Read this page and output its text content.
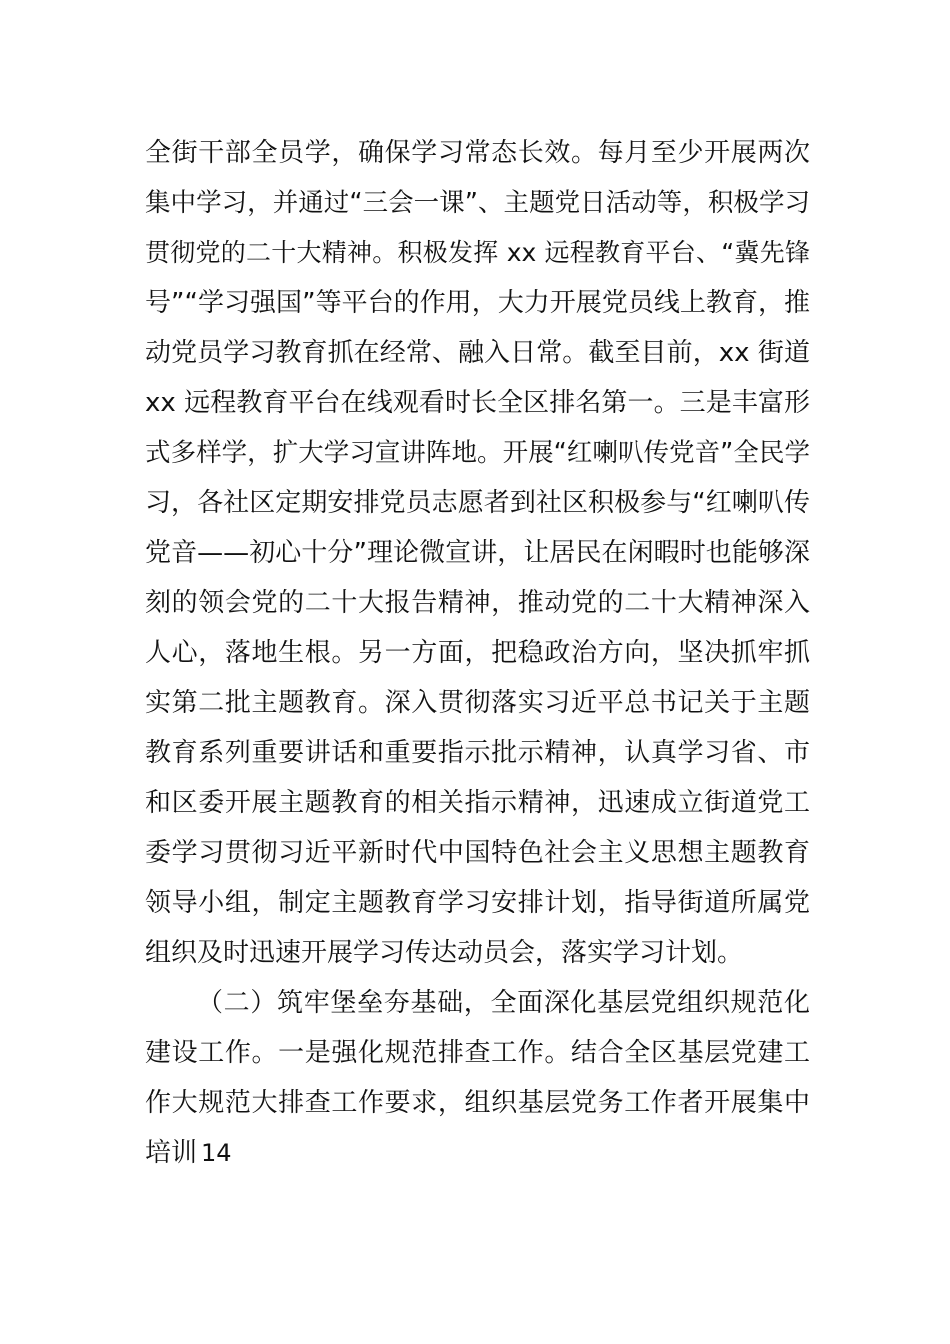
全街干部全员学，确保学习常态长效。每月至少开展两次
集中学习，并通过“三会一课”、主题党日活动等，积极学习
贯彻党的二十大精神。积极发挥 xx 远程教育平台、“冀先锋
号”“学习强国”等平台的作用，大力开展党员线上教育，推
动党员学习教育抓在经常、融入日常。截至目前，xx 街道
xx 远程教育平台在线观看时长全区排名第一。三是丰富形
式多样学，扩大学习宣讲阵地。开展“红喇叭传党音”全民学
习，各社区定期安排党员志愿者到社区积极参与“红喇叭传
党音——初心十分”理论微宣讲，让居民在闲暇时也能够深
刻的领会党的二十大报告精神，推动党的二十大精神深入
人心，落地生根。另一方面，把稳政治方向，坚决抓牢抓
实第二批主题教育。深入贯彻落实习近平总书记关于主题
教育系列重要讲话和重要指示批示精神，认真学习省、市
和区委开展主题教育的相关指示精神，迅速成立街道党工
委学习贯彻习近平新时代中国特色社会主义思想主题教育
领导小组，制定主题教育学习安排计划，指导街道所属党
组织及时迅速开展学习传达动员会，落实学习计划。
（二）筑牢堡垒夯基础，全面深化基层党组织规范化
建设工作。一是强化规范排查工作。结合全区基层党建工
作大规范大排查工作要求，组织基层党务工作者开展集中
培训 14
